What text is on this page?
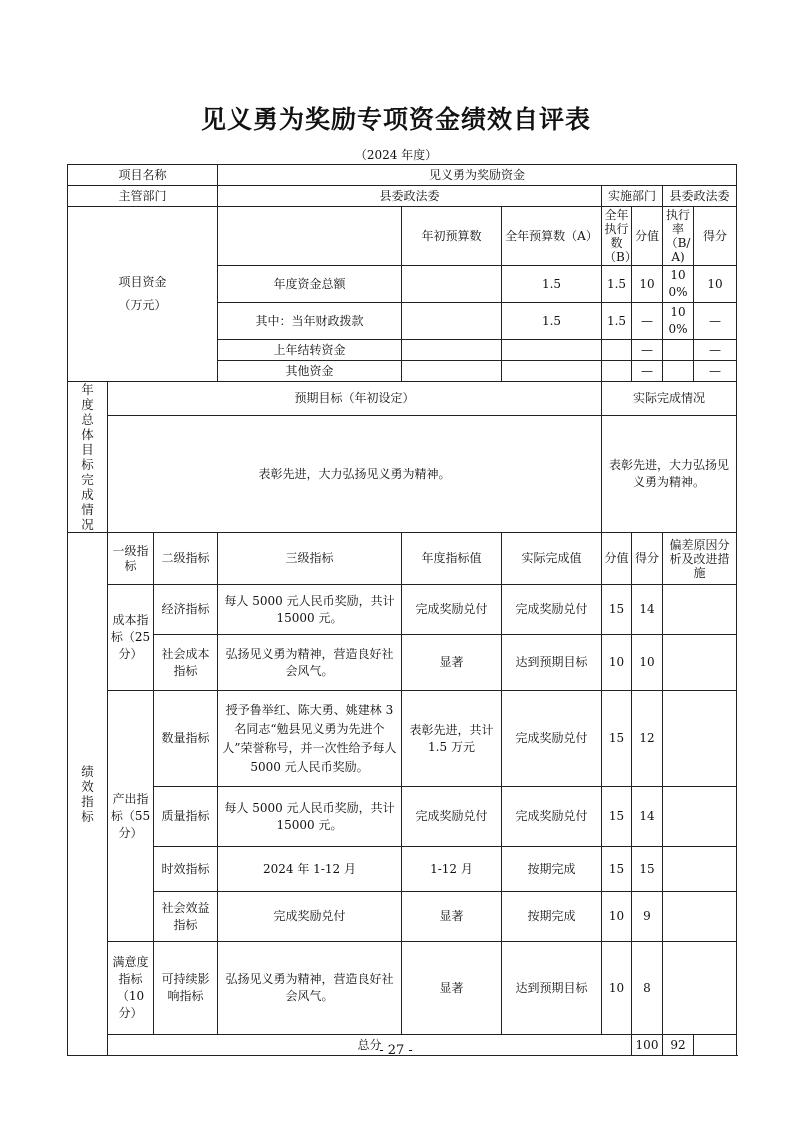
见义勇为奖励专项资金绩效自评表
（2024 年度）
项目名称			见义勇为奖励资金						
主管部门			县委政法委			实施部门		县委政法委	

项目资金
（万元）				年初预算数	全年预算数（A）	全年执行数（B）	分值	执行率（B/A)	得分
			年度资金总额		1.5	1.5	10	100%	10
			其中：当年财政拨款		1.5	1.5	—	100%	—
			上年结转资金				—		—
			其他资金				—		—

年度总体目标完成情况	预期目标（年初设定）					实际完成情况			
	表彰先进，大力弘扬见义勇为精神。					表彰先进，大力弘扬见义勇为精神。			

绩效指标	一级指标	二级指标	三级指标	年度指标值	实际完成值	分值	得分	偏差原因分析及改进措施	
	成本指标（25分）	经济指标	每人 5000 元人民币奖励，共计 15000 元。	完成奖励兑付	完成奖励兑付	15	14		
		社会成本指标	弘扬见义勇为精神，营造良好社会风气。	显著	达到预期目标	10	10		
	产出指标（55分）	数量指标	授予鲁举红、陈大勇、姚建林 3 名同志“勉县见义勇为先进个人”荣誉称号，并一次性给予每人 5000 元人民币奖励。	表彰先进，共计 1.5 万元	完成奖励兑付	15	12		
		质量指标	每人 5000 元人民币奖励，共计 15000 元。	完成奖励兑付	完成奖励兑付	15	14		
		时效指标	2024 年 1-12 月	1-12 月	按期完成	15	15		
		社会效益指标	完成奖励兑付	显著	按期完成	10	9		
	满意度指标（10分）	可持续影响指标	弘扬见义勇为精神，营造良好社会风气。	显著	达到预期目标	10	8		
	总分						100	92	
- 27 -
